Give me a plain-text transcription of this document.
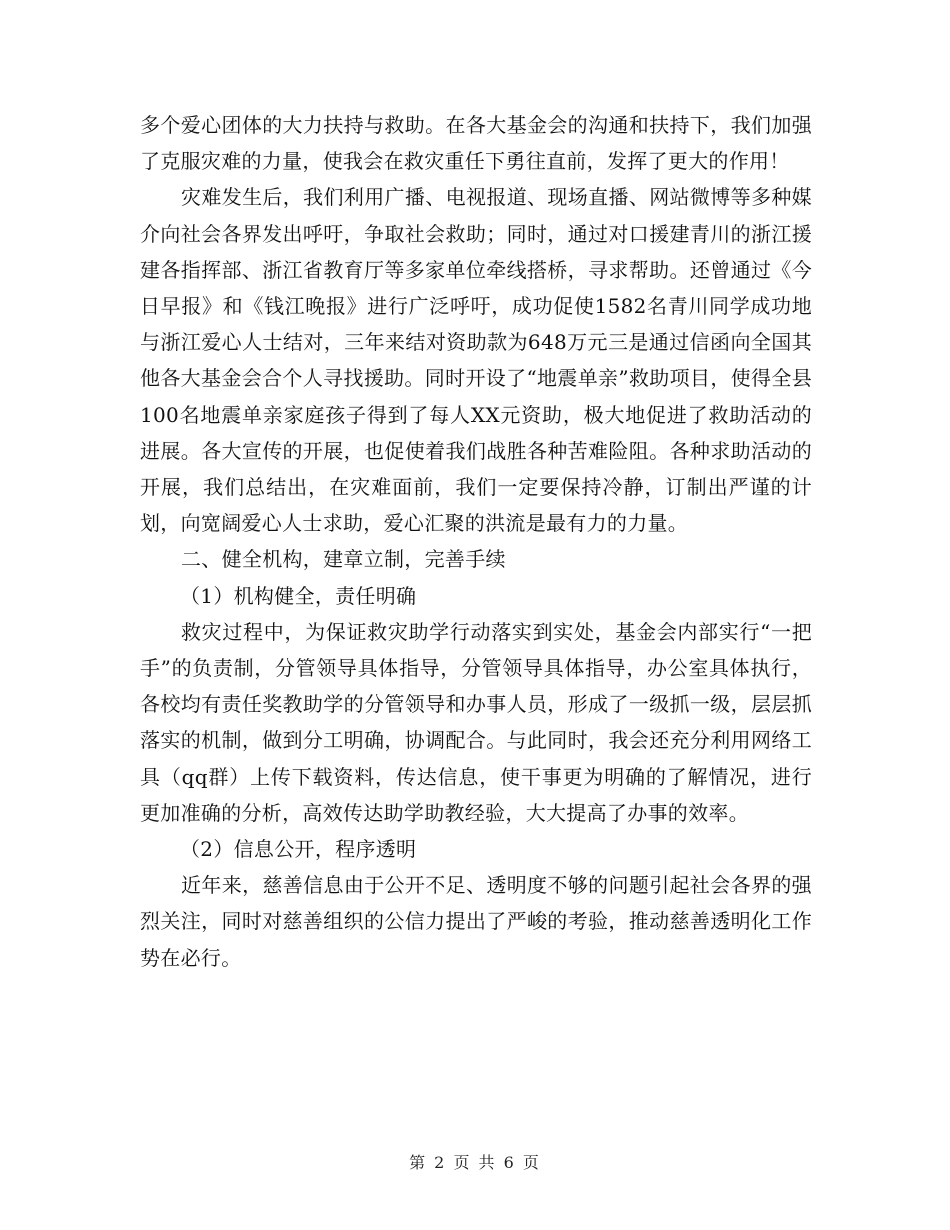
多个爱心团体的大力扶持与救助。在各大基金会的沟通和扶持下，我们加强了克服灾难的力量，使我会在救灾重任下勇往直前，发挥了更大的作用！

灾难发生后，我们利用广播、电视报道、现场直播、网站微博等多种媒介向社会各界发出呼吁，争取社会救助；同时，通过对口援建青川的浙江援建各指挥部、浙江省教育厅等多家单位牵线搭桥，寻求帮助。还曾通过《今日早报》和《钱江晚报》进行广泛呼吁，成功促使1582名青川同学成功地与浙江爱心人士结对，三年来结对资助款为648万元三是通过信函向全国其他各大基金会合个人寻找援助。同时开设了“地震单亲”救助项目，使得全县100名地震单亲家庭孩子得到了每人XX元资助，极大地促进了救助活动的进展。各大宣传的开展，也促使着我们战胜各种苦难险阻。各种求助活动的开展，我们总结出，在灾难面前，我们一定要保持冷静，订制出严谨的计划，向宽阔爱心人士求助，爱心汇聚的洪流是最有力的力量。

二、健全机构，建章立制，完善手续

（1）机构健全，责任明确

救灾过程中，为保证救灾助学行动落实到实处，基金会内部实行“一把手”的负责制，分管领导具体指导，分管领导具体指导，办公室具体执行，各校均有责任奖教助学的分管领导和办事人员，形成了一级抓一级，层层抓落实的机制，做到分工明确，协调配合。与此同时，我会还充分利用网络工具（qq群）上传下载资料，传达信息，使干事更为明确的了解情况，进行更加准确的分析，高效传达助学助教经验，大大提高了办事的效率。

（2）信息公开，程序透明

近年来，慈善信息由于公开不足、透明度不够的问题引起社会各界的强烈关注，同时对慈善组织的公信力提出了严峻的考验，推动慈善透明化工作势在必行。

第 2 页 共 6 页
